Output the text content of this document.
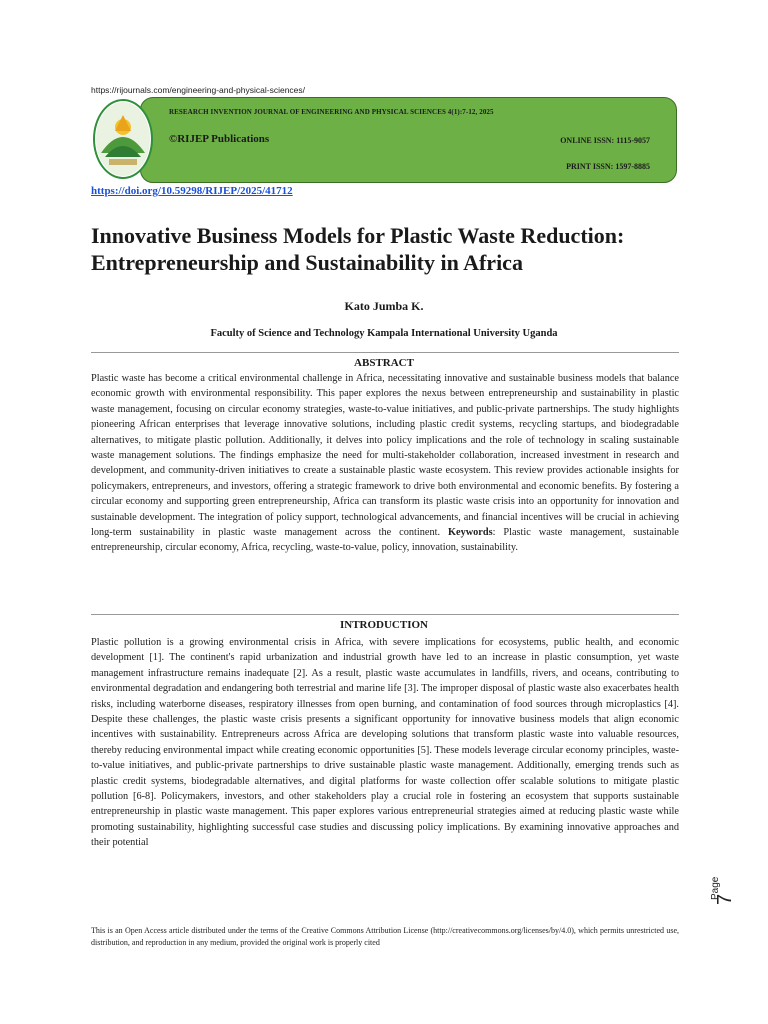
https://rijournals.com/engineering-and-physical-sciences/
RESEARCH INVENTION JOURNAL OF ENGINEERING AND PHYSICAL SCIENCES 4(1):7-12, 2025
©RIJEP Publications	ONLINE ISSN: 1115-9057
PRINT ISSN: 1597-8885
https://doi.org/10.59298/RIJEP/2025/41712
Innovative Business Models for Plastic Waste Reduction: Entrepreneurship and Sustainability in Africa
Kato Jumba K.
Faculty of Science and Technology Kampala International University Uganda
ABSTRACT
Plastic waste has become a critical environmental challenge in Africa, necessitating innovative and sustainable business models that balance economic growth with environmental responsibility. This paper explores the nexus between entrepreneurship and sustainability in plastic waste management, focusing on circular economy strategies, waste-to-value initiatives, and public-private partnerships. The study highlights pioneering African enterprises that leverage innovative solutions, including plastic credit systems, recycling startups, and biodegradable alternatives, to mitigate plastic pollution. Additionally, it delves into policy implications and the role of technology in scaling sustainable waste management solutions. The findings emphasize the need for multi-stakeholder collaboration, increased investment in research and development, and community-driven initiatives to create a sustainable plastic waste ecosystem. This review provides actionable insights for policymakers, entrepreneurs, and investors, offering a strategic framework to drive both environmental and economic benefits. By fostering a circular economy and supporting green entrepreneurship, Africa can transform its plastic waste crisis into an opportunity for innovation and sustainable development. The integration of policy support, technological advancements, and financial incentives will be crucial in achieving long-term sustainability in plastic waste management across the continent. Keywords: Plastic waste management, sustainable entrepreneurship, circular economy, Africa, recycling, waste-to-value, policy, innovation, sustainability.
INTRODUCTION
Plastic pollution is a growing environmental crisis in Africa, with severe implications for ecosystems, public health, and economic development [1]. The continent's rapid urbanization and industrial growth have led to an increase in plastic consumption, yet waste management infrastructure remains inadequate [2]. As a result, plastic waste accumulates in landfills, rivers, and oceans, contributing to environmental degradation and endangering both terrestrial and marine life [3]. The improper disposal of plastic waste also exacerbates health risks, including waterborne diseases, respiratory illnesses from open burning, and contamination of food sources through microplastics [4]. Despite these challenges, the plastic waste crisis presents a significant opportunity for innovative business models that align economic incentives with sustainability. Entrepreneurs across Africa are developing solutions that transform plastic waste into valuable resources, thereby reducing environmental impact while creating economic opportunities [5]. These models leverage circular economy principles, waste-to-value initiatives, and public-private partnerships to drive sustainable plastic waste management. Additionally, emerging trends such as plastic credit systems, biodegradable alternatives, and digital platforms for waste collection offer scalable solutions to mitigate plastic pollution [6-8]. Policymakers, investors, and other stakeholders play a crucial role in fostering an ecosystem that supports sustainable entrepreneurship in plastic waste management. This paper explores various entrepreneurial strategies aimed at reducing plastic waste while promoting sustainability, highlighting successful case studies and discussing policy implications. By examining innovative approaches and their potential
This is an Open Access article distributed under the terms of the Creative Commons Attribution License (http://creativecommons.org/licenses/by/4.0), which permits unrestricted use, distribution, and reproduction in any medium, provided the original work is properly cited
Page
7
